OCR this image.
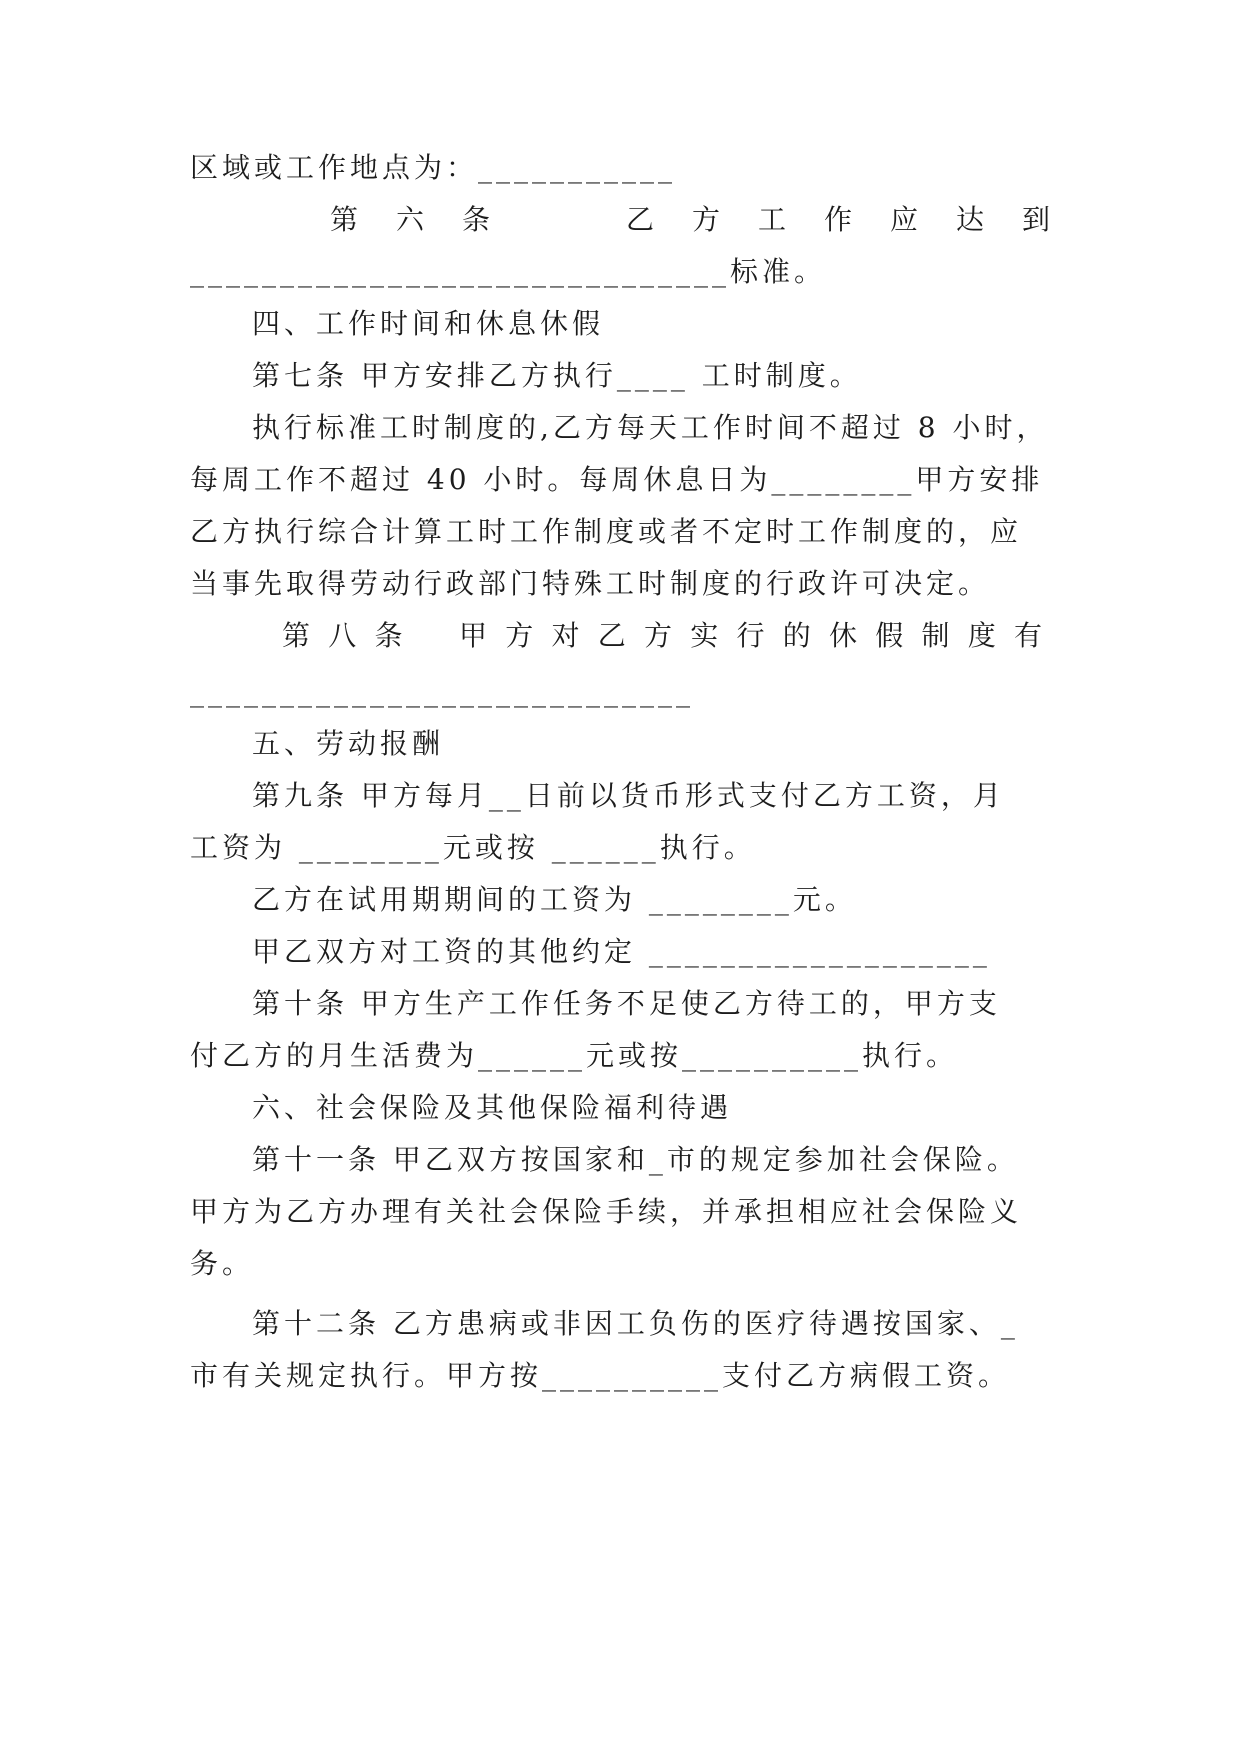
区域或工作地点为：___________
第 六 条	乙 方 工 作 应 达 到
______________________________标准。
四、工作时间和休息休假
第七条 甲方安排乙方执行____ 工时制度。
执行标准工时制度的,乙方每天工作时间不超过 8 小时，
每周工作不超过 40 小时。每周休息日为________甲方安排
乙方执行综合计算工时工作制度或者不定时工作制度的，应
当事先取得劳动行政部门特殊工时制度的行政许可决定。
第 八 条 甲 方 对 乙 方 实 行 的 休 假 制 度 有
____________________________
五、劳动报酬
第九条 甲方每月__日前以货币形式支付乙方工资，月
工资为 ________元或按 ______执行。
乙方在试用期期间的工资为 ________元。
甲乙双方对工资的其他约定 ___________________
第十条 甲方生产工作任务不足使乙方待工的，甲方支
付乙方的月生活费为______元或按__________执行。
六、社会保险及其他保险福利待遇
第十一条 甲乙双方按国家和_市的规定参加社会保险。
甲方为乙方办理有关社会保险手续，并承担相应社会保险义
务。
第十二条 乙方患病或非因工负伤的医疗待遇按国家、_
市有关规定执行。甲方按__________支付乙方病假工资。
